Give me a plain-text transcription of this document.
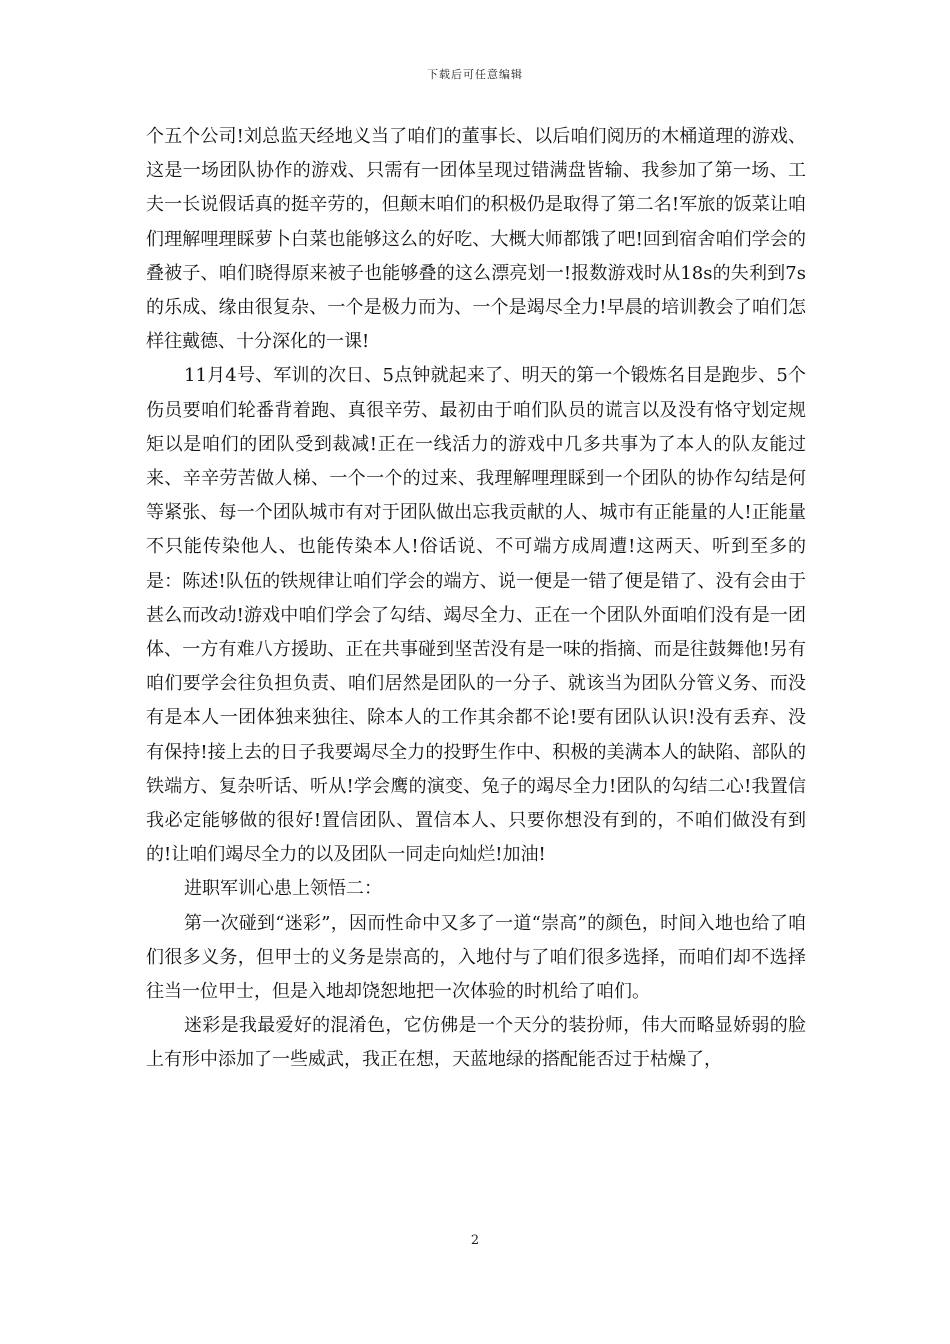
下载后可任意编辑

个五个公司!刘总监天经地义当了咱们的董事长、以后咱们阅历的木桶道理的游戏、这是一场团队协作的游戏、只需有一团体呈现过错满盘皆输、我参加了第一场、工夫一长说假话真的挺辛劳的，但颠末咱们的积极仍是取得了第二名!军旅的饭菜让咱们理解哩理睬萝卜白菜也能够这么的好吃、大概大师都饿了吧!回到宿舍咱们学会的叠被子、咱们晓得原来被子也能够叠的这么漂亮划一!报数游戏时从18s的失利到7s的乐成、缘由很复杂、一个是极力而为、一个是竭尽全力!早晨的培训教会了咱们怎样往戴德、十分深化的一课!

11月4号、军训的次日、5点钟就起来了、明天的第一个锻炼名目是跑步、5个伤员要咱们轮番背着跑、真很辛劳、最初由于咱们队员的谎言以及没有恪守划定规矩以是咱们的团队受到裁减!正在一线活力的游戏中几多共事为了本人的队友能过来、辛辛劳苦做人梯、一个一个的过来、我理解哩理睬到一个团队的协作勾结是何等紧张、每一个团队城市有对于团队做出忘我贡献的人、城市有正能量的人!正能量不只能传染他人、也能传染本人!俗话说、不可端方成周遭!这两天、听到至多的是：陈述!队伍的铁规律让咱们学会的端方、说一便是一错了便是错了、没有会由于甚么而改动!游戏中咱们学会了勾结、竭尽全力、正在一个团队外面咱们没有是一团体、一方有难八方援助、正在共事碰到坚苦没有是一味的指摘、而是往鼓舞他!另有咱们要学会往负担负责、咱们居然是团队的一分子、就该当为团队分管义务、而没有是本人一团体独来独往、除本人的工作其余都不论!要有团队认识!没有丢弃、没有保持!接上去的日子我要竭尽全力的投野生作中、积极的美满本人的缺陷、部队的铁端方、复杂听话、听从!学会鹰的演变、兔子的竭尽全力!团队的勾结二心!我置信我必定能够做的很好!置信团队、置信本人、只要你想没有到的，不咱们做没有到的!让咱们竭尽全力的以及团队一同走向灿烂!加油!

进职军训心患上领悟二：

第一次碰到“迷彩”，因而性命中又多了一道“崇高”的颜色，时间入地也给了咱们很多义务，但甲士的义务是崇高的，入地付与了咱们很多选择，而咱们却不选择往当一位甲士，但是入地却饶恕地把一次体验的时机给了咱们。

迷彩是我最爱好的混淆色，它仿佛是一个天分的装扮师，伟大而略显娇弱的脸上有形中添加了一些威武，我正在想，天蓝地绿的搭配能否过于枯燥了，

2
